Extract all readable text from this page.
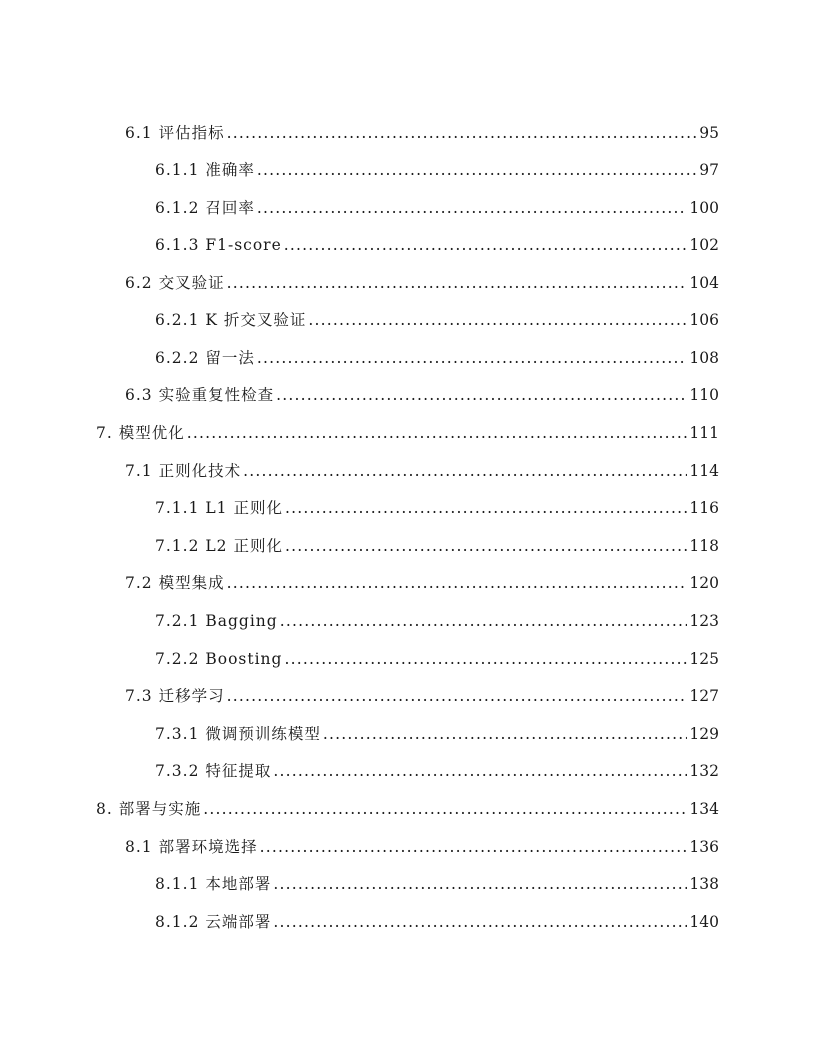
6.1 评估指标 .....	95
6.1.1 准确率 .....	97
6.1.2 召回率 .....	100
6.1.3 F1-score .....	102
6.2 交叉验证 .....	104
6.2.1 K 折交叉验证 .....	106
6.2.2 留一法 .....	108
6.3 实验重复性检查 .....	110
7. 模型优化 .....	111
7.1 正则化技术 .....	114
7.1.1 L1 正则化 .....	116
7.1.2 L2 正则化 .....	118
7.2 模型集成 .....	120
7.2.1 Bagging .....	123
7.2.2 Boosting .....	125
7.3 迁移学习 .....	127
7.3.1 微调预训练模型 .....	129
7.3.2 特征提取 .....	132
8. 部署与实施 .....	134
8.1 部署环境选择 .....	136
8.1.1 本地部署 .....	138
8.1.2 云端部署 .....	140
